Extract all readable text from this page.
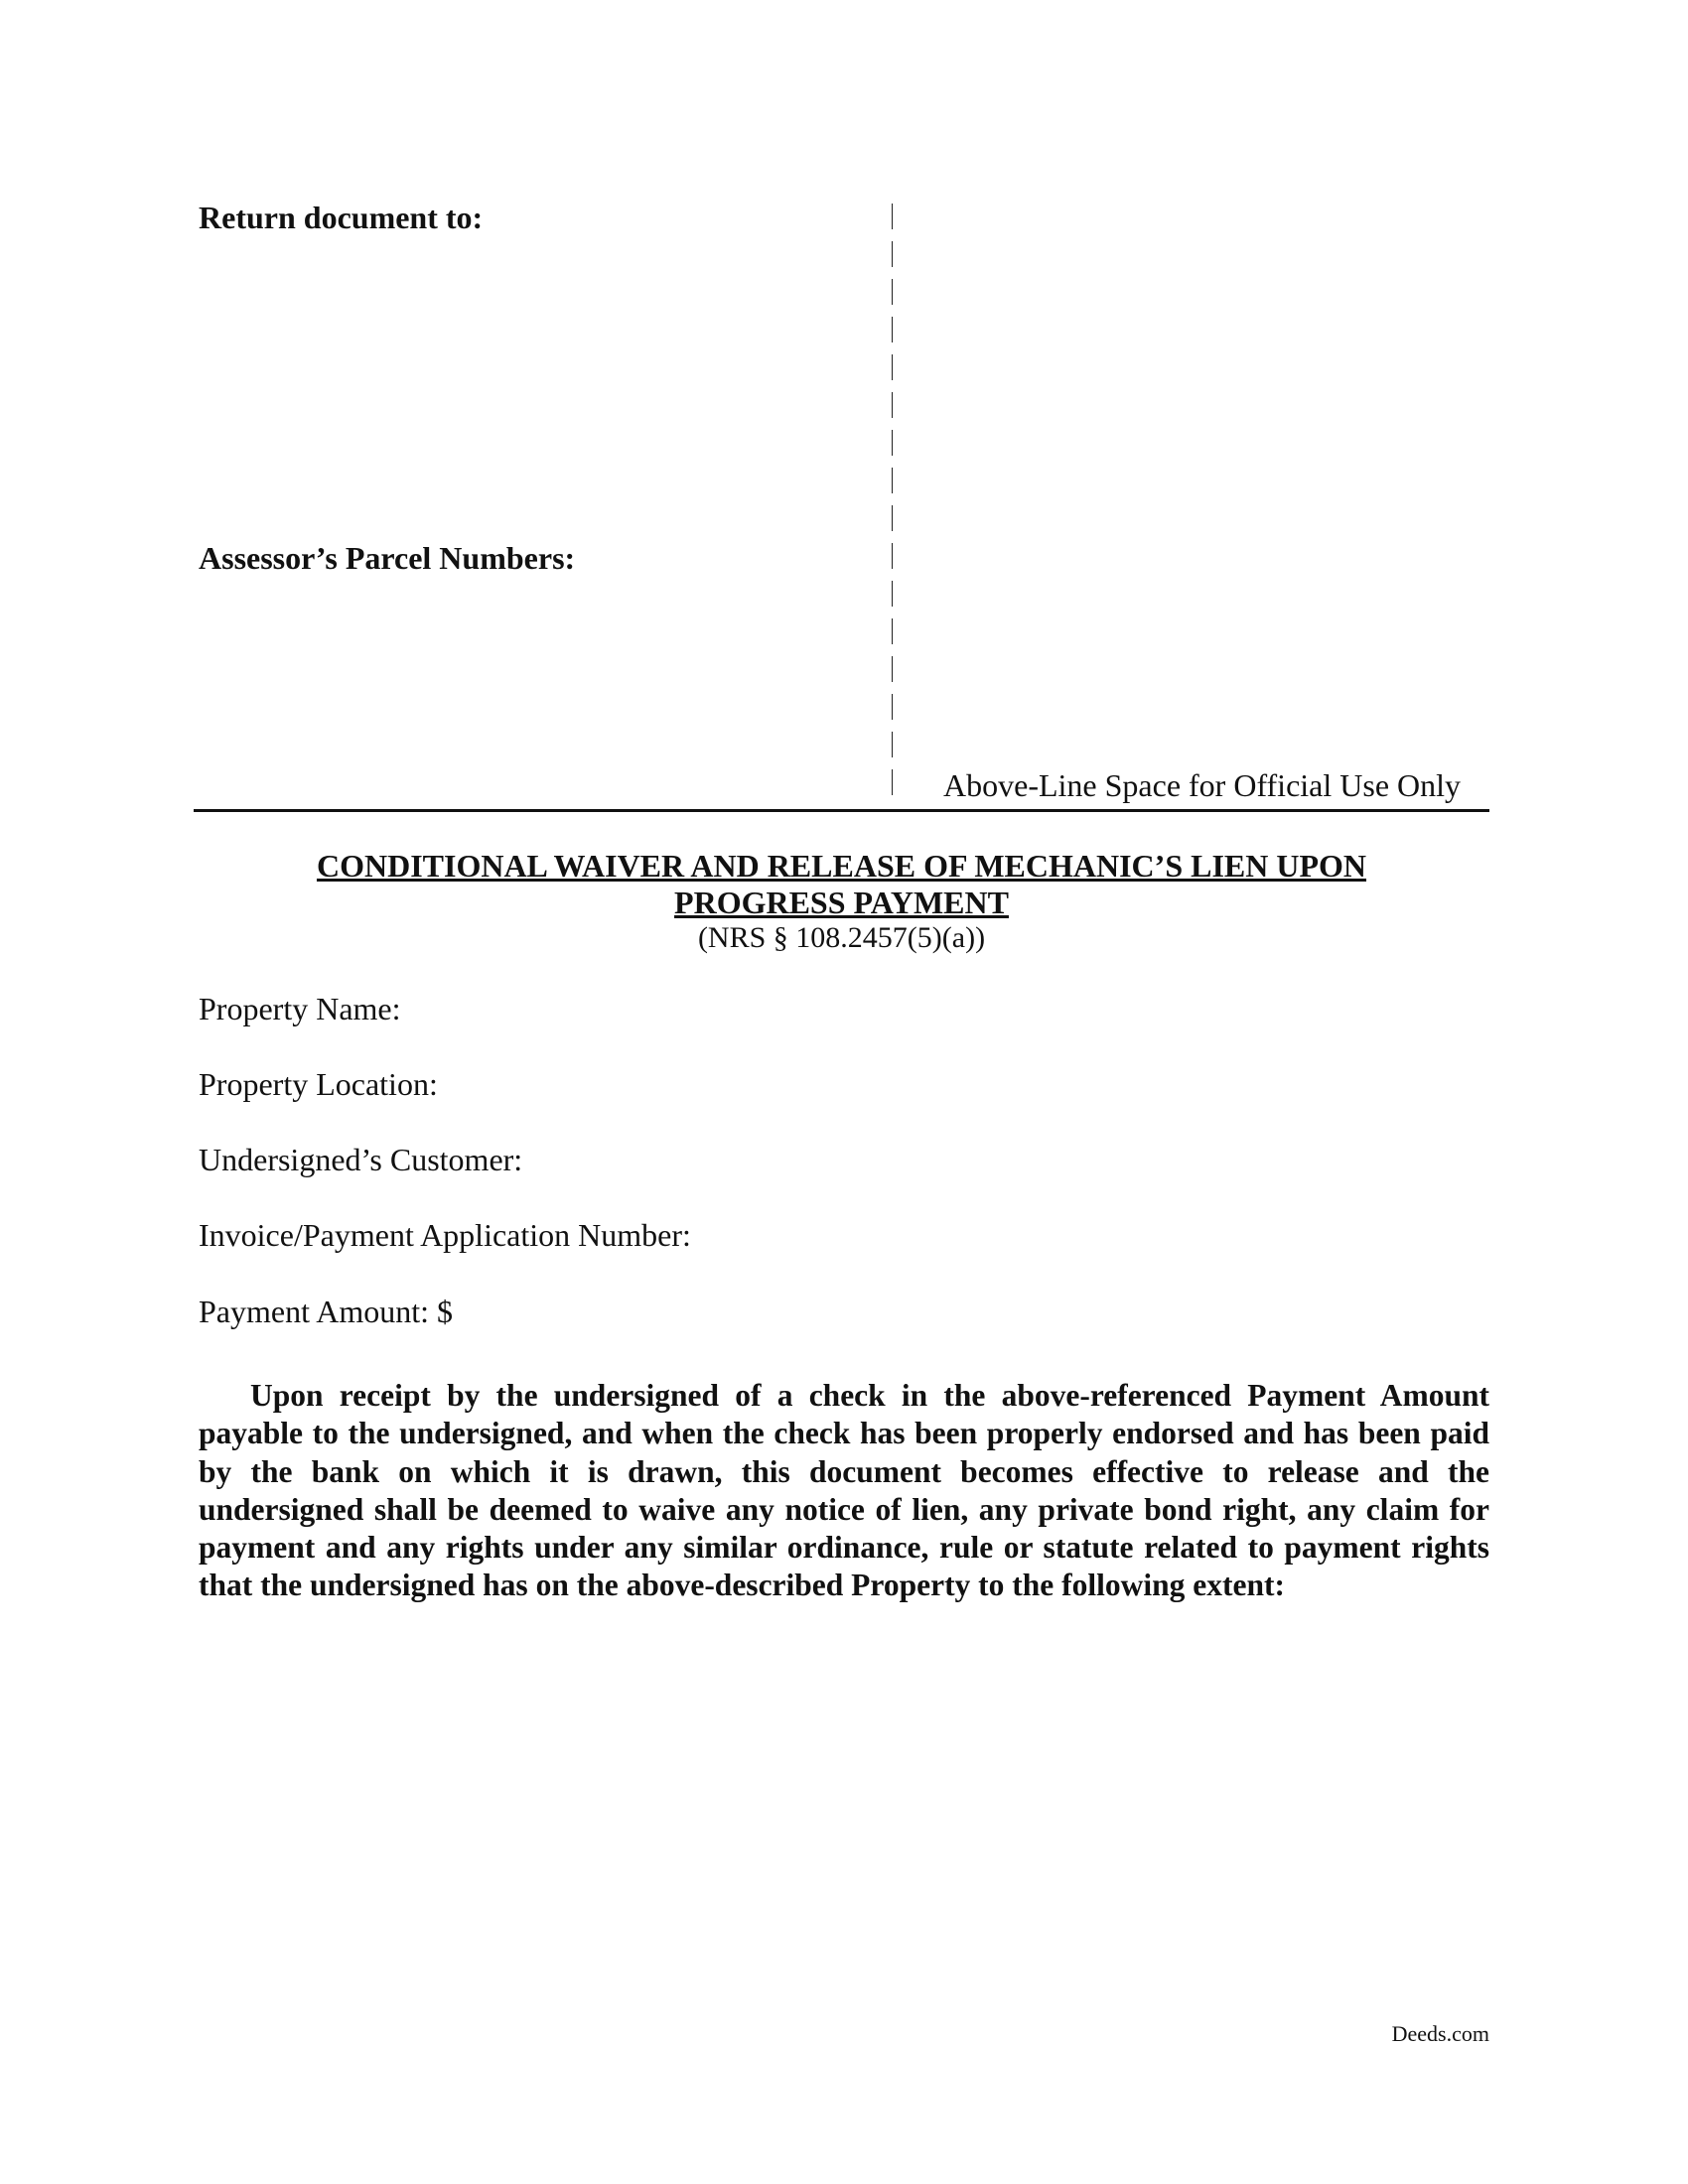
Return document to:
Assessor’s Parcel Numbers:
Above-Line Space for Official Use Only
CONDITIONAL WAIVER AND RELEASE OF MECHANIC’S LIEN UPON
PROGRESS PAYMENT
(NRS § 108.2457(5)(a))
Property Name:
Property Location:
Undersigned’s Customer:
Invoice/Payment Application Number:
Payment Amount: $
Upon receipt by the undersigned of a check in the above-referenced Payment Amount payable to the undersigned, and when the check has been properly endorsed and has been paid by the bank on which it is drawn, this document becomes effective to release and the undersigned shall be deemed to waive any notice of lien, any private bond right, any claim for payment and any rights under any similar ordinance, rule or statute related to payment rights that the undersigned has on the above-described Property to the following extent:
Deeds.com
